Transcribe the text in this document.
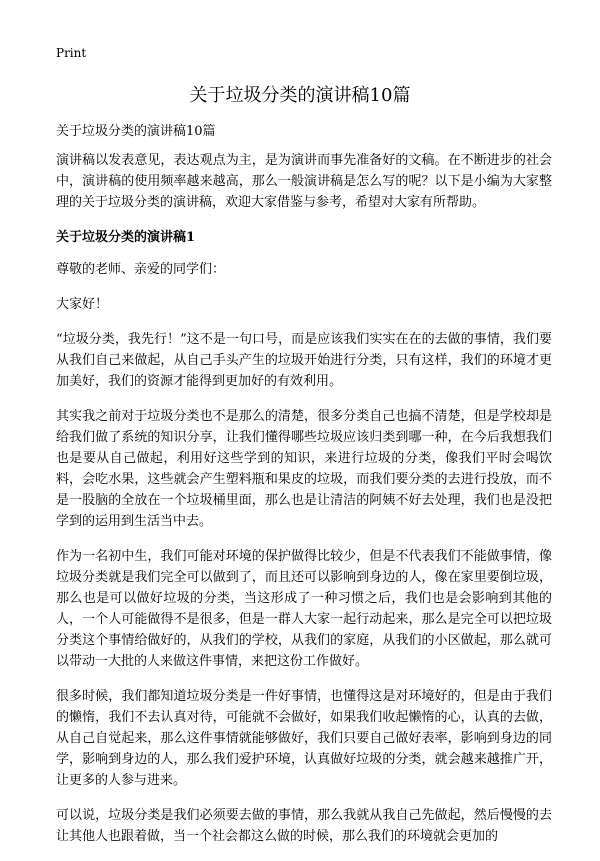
Print
关于垃圾分类的演讲稿10篇

关于垃圾分类的演讲稿10篇

演讲稿以发表意见，表达观点为主，是为演讲而事先准备好的文稿。在不断进步的社会中，演讲稿的使用频率越来越高，那么一般演讲稿是怎么写的呢？以下是小编为大家整理的关于垃圾分类的演讲稿，欢迎大家借鉴与参考，希望对大家有所帮助。

关于垃圾分类的演讲稿1

尊敬的老师、亲爱的同学们：

大家好！

“垃圾分类，我先行！”这不是一句口号，而是应该我们实实在在的去做的事情，我们要从我们自己来做起，从自己手头产生的垃圾开始进行分类，只有这样，我们的环境才更加美好，我们的资源才能得到更加好的有效利用。

其实我之前对于垃圾分类也不是那么的清楚，很多分类自己也搞不清楚，但是学校却是给我们做了系统的知识分享，让我们懂得哪些垃圾应该归类到哪一种，在今后我想我们也是要从自己做起，利用好这些学到的知识，来进行垃圾的分类，像我们平时会喝饮料，会吃水果，这些就会产生塑料瓶和果皮的垃圾，而我们要分类的去进行投放，而不是一股脑的全放在一个垃圾桶里面，那么也是让清洁的阿姨不好去处理，我们也是没把学到的运用到生活当中去。

作为一名初中生，我们可能对环境的保护做得比较少，但是不代表我们不能做事情，像垃圾分类就是我们完全可以做到了，而且还可以影响到身边的人，像在家里要倒垃圾，那么也是可以做好垃圾的分类，当这形成了一种习惯之后，我们也是会影响到其他的人，一个人可能做得不是很多，但是一群人大家一起行动起来，那么是完全可以把垃圾分类这个事情给做好的，从我们的学校，从我们的家庭，从我们的小区做起，那么就可以带动一大批的人来做这件事情，来把这份工作做好。

很多时候，我们都知道垃圾分类是一件好事情，也懂得这是对环境好的，但是由于我们的懒惰，我们不去认真对待，可能就不会做好，如果我们收起懒惰的心，认真的去做，从自己自觉起来，那么这件事情就能够做好，我们只要自己做好表率，影响到身边的同学，影响到身边的人，那么我们爱护环境，认真做好垃圾的分类，就会越来越推广开，让更多的人参与进来。

可以说，垃圾分类是我们必须要去做的事情，那么我就从我自己先做起，然后慢慢的去让其他人也跟着做，当一个社会都这么做的时候，那么我们的环境就会更加的
